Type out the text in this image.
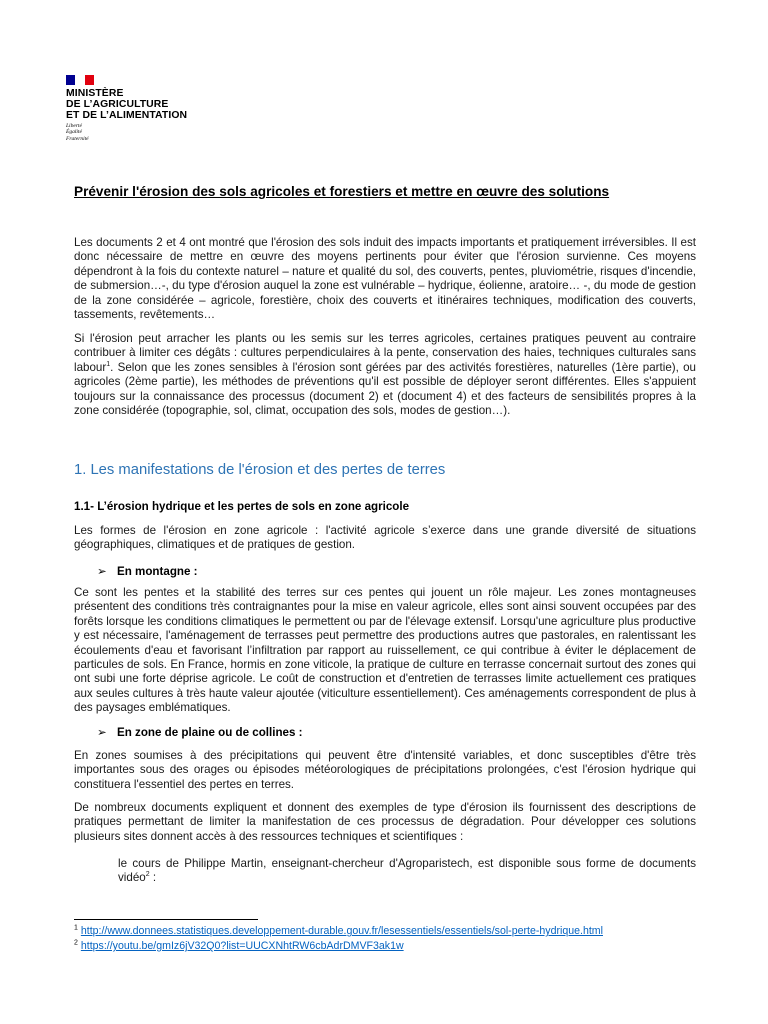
MINISTÈRE
DE L’AGRICULTURE
ET DE L’ALIMENTATION
Liberté
Égalité
Fraternité
Prévenir l'érosion des sols agricoles et forestiers et mettre en œuvre des solutions
Les documents 2 et 4 ont montré que l'érosion des sols induit des impacts importants et pratiquement irréversibles. Il est donc nécessaire de mettre en œuvre des moyens pertinents pour éviter que l'érosion survienne. Ces moyens dépendront à la fois du contexte naturel – nature et qualité du sol, des couverts, pentes, pluviométrie, risques d'incendie, de submersion…-, du type d'érosion auquel la zone est vulnérable – hydrique, éolienne, aratoire… -, du mode de gestion de la zone considérée – agricole, forestière, choix des couverts et itinéraires techniques, modification des couverts, tassements, revêtements…
Si l'érosion peut arracher les plants ou les semis sur les terres agricoles, certaines pratiques peuvent au contraire contribuer à limiter ces dégâts : cultures perpendiculaires à la pente, conservation des haies, techniques culturales sans labour$^1$. Selon que les zones sensibles à l'érosion sont gérées par des activités forestières, naturelles (1ère partie), ou agricoles (2ème partie), les méthodes de préventions qu'il est possible de déployer seront différentes. Elles s'appuient toujours sur la connaissance des processus (document 2) et (document 4) et des facteurs de sensibilités propres à la zone considérée (topographie, sol, climat, occupation des sols, modes de gestion…).
1. Les manifestations de l'érosion et des pertes de terres
1.1- L’érosion hydrique et les pertes de sols en zone agricole
Les formes de l'érosion en zone agricole : l'activité agricole s’exerce dans une grande diversité de situations géographiques, climatiques et de pratiques de gestion.
➢ En montagne :
Ce sont les pentes et la stabilité des terres sur ces pentes qui jouent un rôle majeur. Les zones montagneuses présentent des conditions très contraignantes pour la mise en valeur agricole, elles sont ainsi souvent occupées par des forêts lorsque les conditions climatiques le permettent ou par de l'élevage extensif. Lorsqu'une agriculture plus productive y est nécessaire, l'aménagement de terrasses peut permettre des productions autres que pastorales, en ralentissant les écoulements d'eau et favorisant l’infiltration par rapport au ruissellement, ce qui contribue à éviter le déplacement de particules de sols. En France, hormis en zone viticole, la pratique de culture en terrasse concernait surtout des zones qui ont subi une forte déprise agricole. Le coût de construction et d'entretien de terrasses limite actuellement ces pratiques aux seules cultures à très haute valeur ajoutée (viticulture essentiellement). Ces aménagements correspondent de plus à des paysages emblématiques.
➢ En zone de plaine ou de collines :
En zones soumises à des précipitations qui peuvent être d'intensité variables, et donc susceptibles d'être très importantes sous des orages ou épisodes météorologiques de précipitations prolongées, c'est l'érosion hydrique qui constituera l'essentiel des pertes en terres.
De nombreux documents expliquent et donnent des exemples de type d'érosion ils fournissent des descriptions de pratiques permettant de limiter la manifestation de ces processus de dégradation. Pour développer ces solutions plusieurs sites donnent accès à des ressources techniques et scientifiques :
le cours de Philippe Martin, enseignant-chercheur d'Agroparistech, est disponible sous forme de documents vidéo$^2$ :
$^1$ http://www.donnees.statistiques.developpement-durable.gouv.fr/lesessentiels/essentiels/sol-perte-hydrique.html
$^2$ https://youtu.be/gmIz6jV32Q0?list=UUCXNhtRW6cbAdrDMVF3ak1w
